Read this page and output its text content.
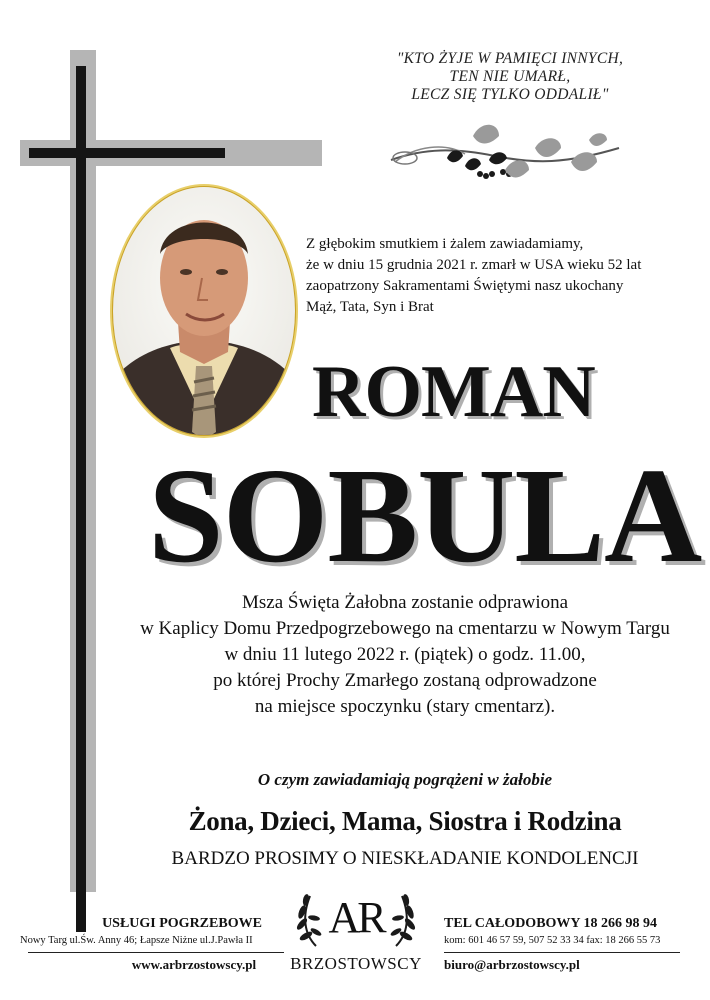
"KTO ŻYJE W PAMIĘCI INNYCH,
TEN NIE UMARŁ,
LECZ SIĘ TYLKO ODDALIŁ"
Z głębokim smutkiem i żalem zawiadamiamy,
że w dniu 15 grudnia 2021 r. zmarł w USA wieku 52 lat
zaopatrzony Sakramentami Świętymi nasz ukochany
Mąż, Tata, Syn i Brat
ROMAN
SOBULA
Msza Święta Żałobna zostanie odprawiona
w Kaplicy Domu Przedpogrzebowego na cmentarzu w Nowym Targu
w dniu 11 lutego 2022 r. (piątek) o godz. 11.00,
po której Prochy Zmarłego zostaną odprowadzone
na miejsce spoczynku (stary cmentarz).
O czym zawiadamiają pogrążeni w żałobie
Żona, Dzieci, Mama, Siostra i Rodzina
BARDZO PROSIMY O NIESKŁADANIE KONDOLENCJI
USŁUGI POGRZEBOWE
Nowy Targ ul.Św. Anny 46; Łapsze Niżne ul.J.Pawła II
www.arbrzostowscy.pl
AR
BRZOSTOWSCY
TEL CAŁODOBOWY 18 266 98 94
kom: 601 46 57 59, 507 52 33 34 fax: 18 266 55 73
biuro@arbrzostowscy.pl
